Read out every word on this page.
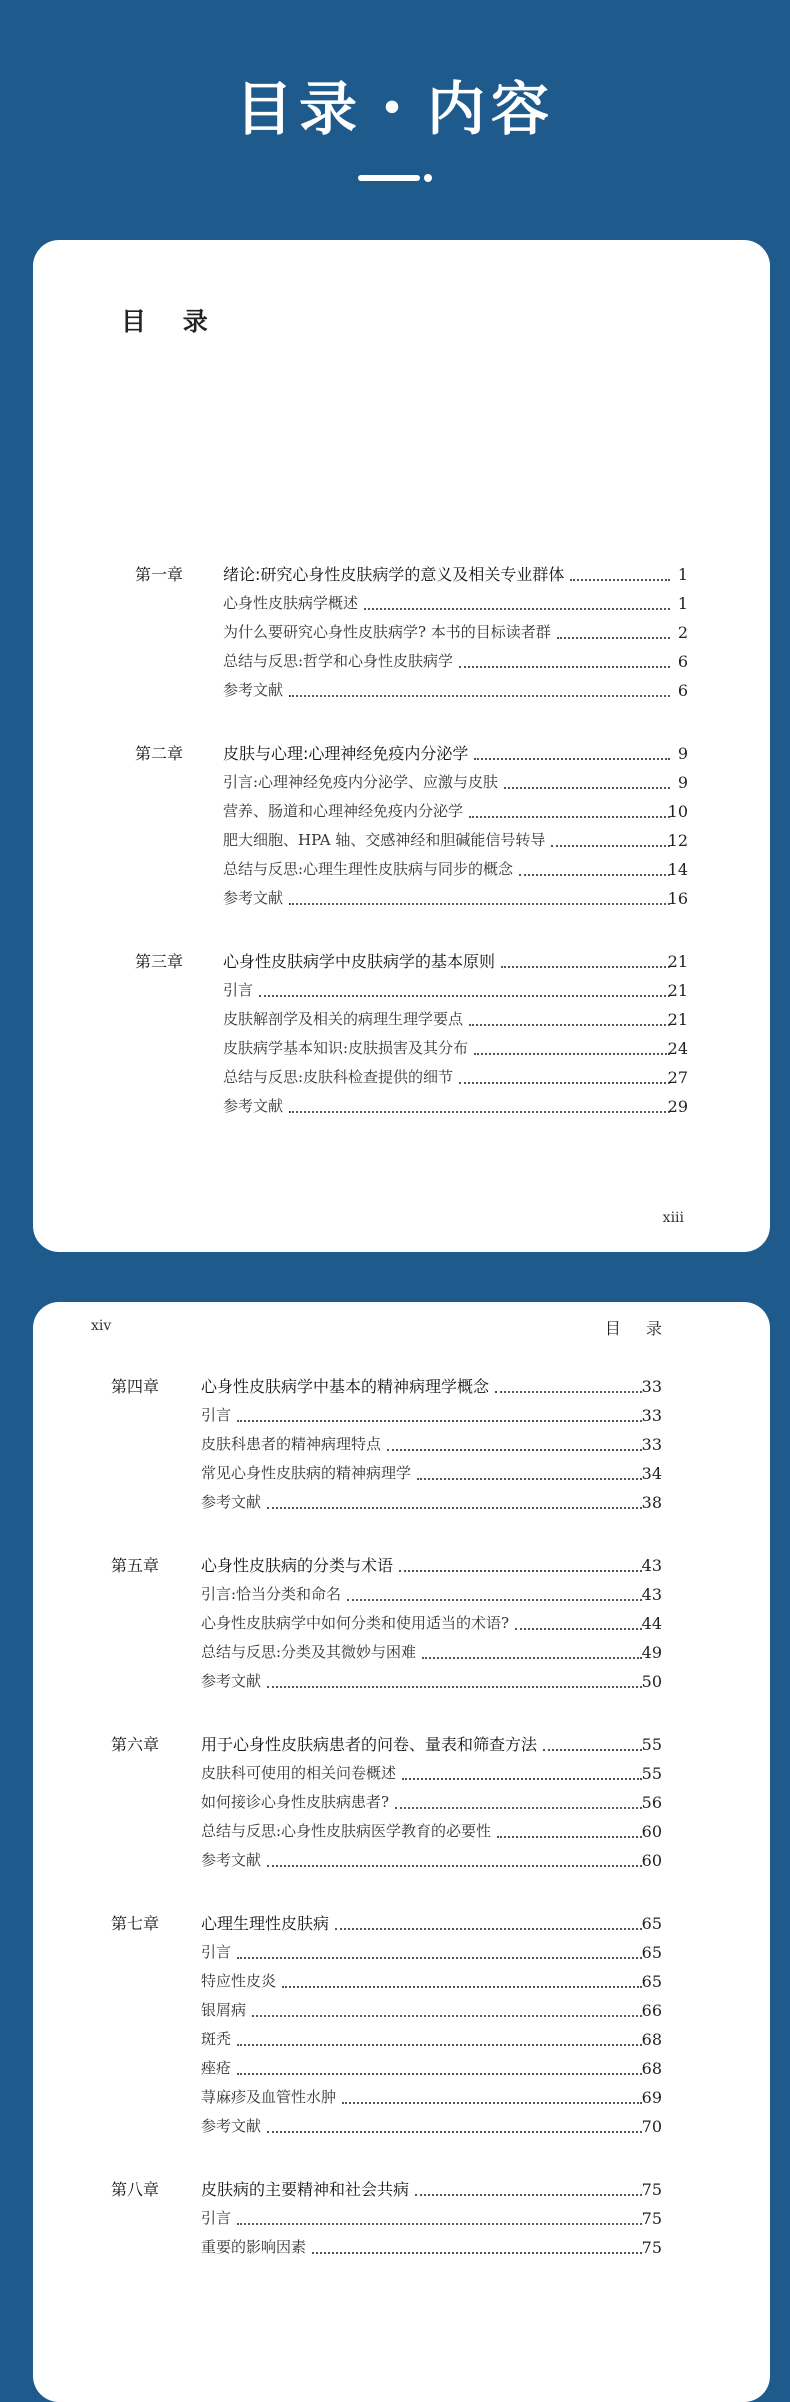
目录・内容
目 录
第一章	绪论:研究心身性皮肤病学的意义及相关专业群体	1
心身性皮肤病学概述	1
为什么要研究心身性皮肤病学? 本书的目标读者群	2
总结与反思:哲学和心身性皮肤病学	6
参考文献	6
第二章	皮肤与心理:心理神经免疫内分泌学	9
引言:心理神经免疫内分泌学、应激与皮肤	9
营养、肠道和心理神经免疫内分泌学	10
肥大细胞、HPA 轴、交感神经和胆碱能信号转导	12
总结与反思:心理生理性皮肤病与同步的概念	14
参考文献	16
第三章	心身性皮肤病学中皮肤病学的基本原则	21
引言	21
皮肤解剖学及相关的病理生理学要点	21
皮肤病学基本知识:皮肤损害及其分布	24
总结与反思:皮肤科检查提供的细节	27
参考文献	29
xiii
xiv	目 录
第四章	心身性皮肤病学中基本的精神病理学概念	33
引言	33
皮肤科患者的精神病理特点	33
常见心身性皮肤病的精神病理学	34
参考文献	38
第五章	心身性皮肤病的分类与术语	43
引言:恰当分类和命名	43
心身性皮肤病学中如何分类和使用适当的术语?	44
总结与反思:分类及其微妙与困难	49
参考文献	50
第六章	用于心身性皮肤病患者的问卷、量表和筛查方法	55
皮肤科可使用的相关问卷概述	55
如何接诊心身性皮肤病患者?	56
总结与反思:心身性皮肤病医学教育的必要性	60
参考文献	60
第七章	心理生理性皮肤病	65
引言	65
特应性皮炎	65
银屑病	66
斑秃	68
痤疮	68
荨麻疹及血管性水肿	69
参考文献	70
第八章	皮肤病的主要精神和社会共病	75
引言	75
重要的影响因素	75
